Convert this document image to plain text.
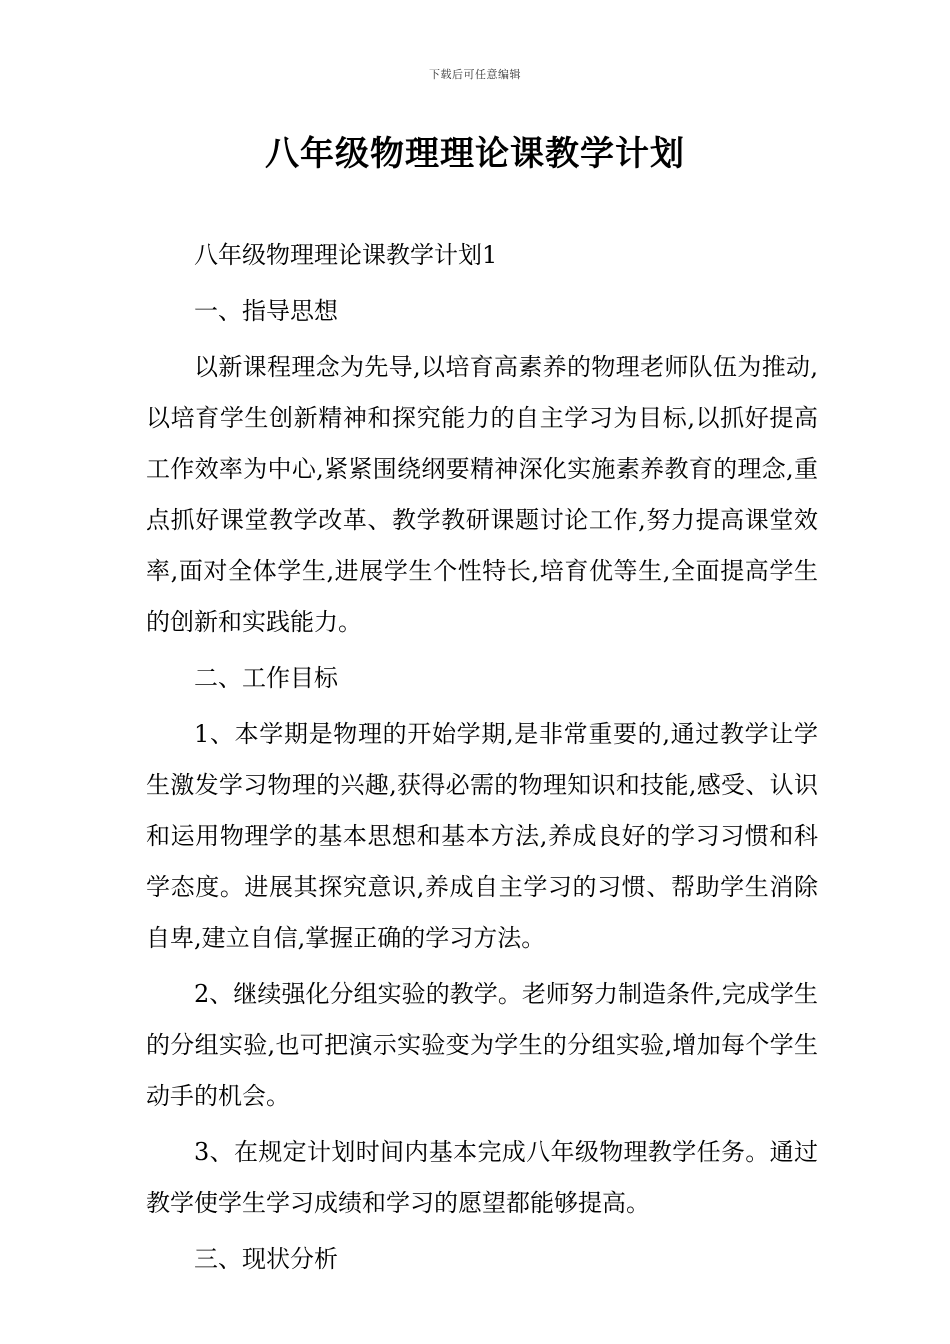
下载后可任意编辑
八年级物理理论课教学计划

八年级物理理论课教学计划1

一、指导思想

以新课程理念为先导,以培育高素养的物理老师队伍为推动,以培育学生创新精神和探究能力的自主学习为目标,以抓好提高工作效率为中心,紧紧围绕纲要精神深化实施素养教育的理念,重点抓好课堂教学改革、教学教研课题讨论工作,努力提高课堂效率,面对全体学生,进展学生个性特长,培育优等生,全面提高学生的创新和实践能力。

二、工作目标

1、本学期是物理的开始学期,是非常重要的,通过教学让学生激发学习物理的兴趣,获得必需的物理知识和技能,感受、认识和运用物理学的基本思想和基本方法,养成良好的学习习惯和科学态度。进展其探究意识,养成自主学习的习惯、帮助学生消除自卑,建立自信,掌握正确的学习方法。

2、继续强化分组实验的教学。老师努力制造条件,完成学生的分组实验,也可把演示实验变为学生的分组实验,增加每个学生动手的机会。

3、在规定计划时间内基本完成八年级物理教学任务。通过教学使学生学习成绩和学习的愿望都能够提高。

三、现状分析
